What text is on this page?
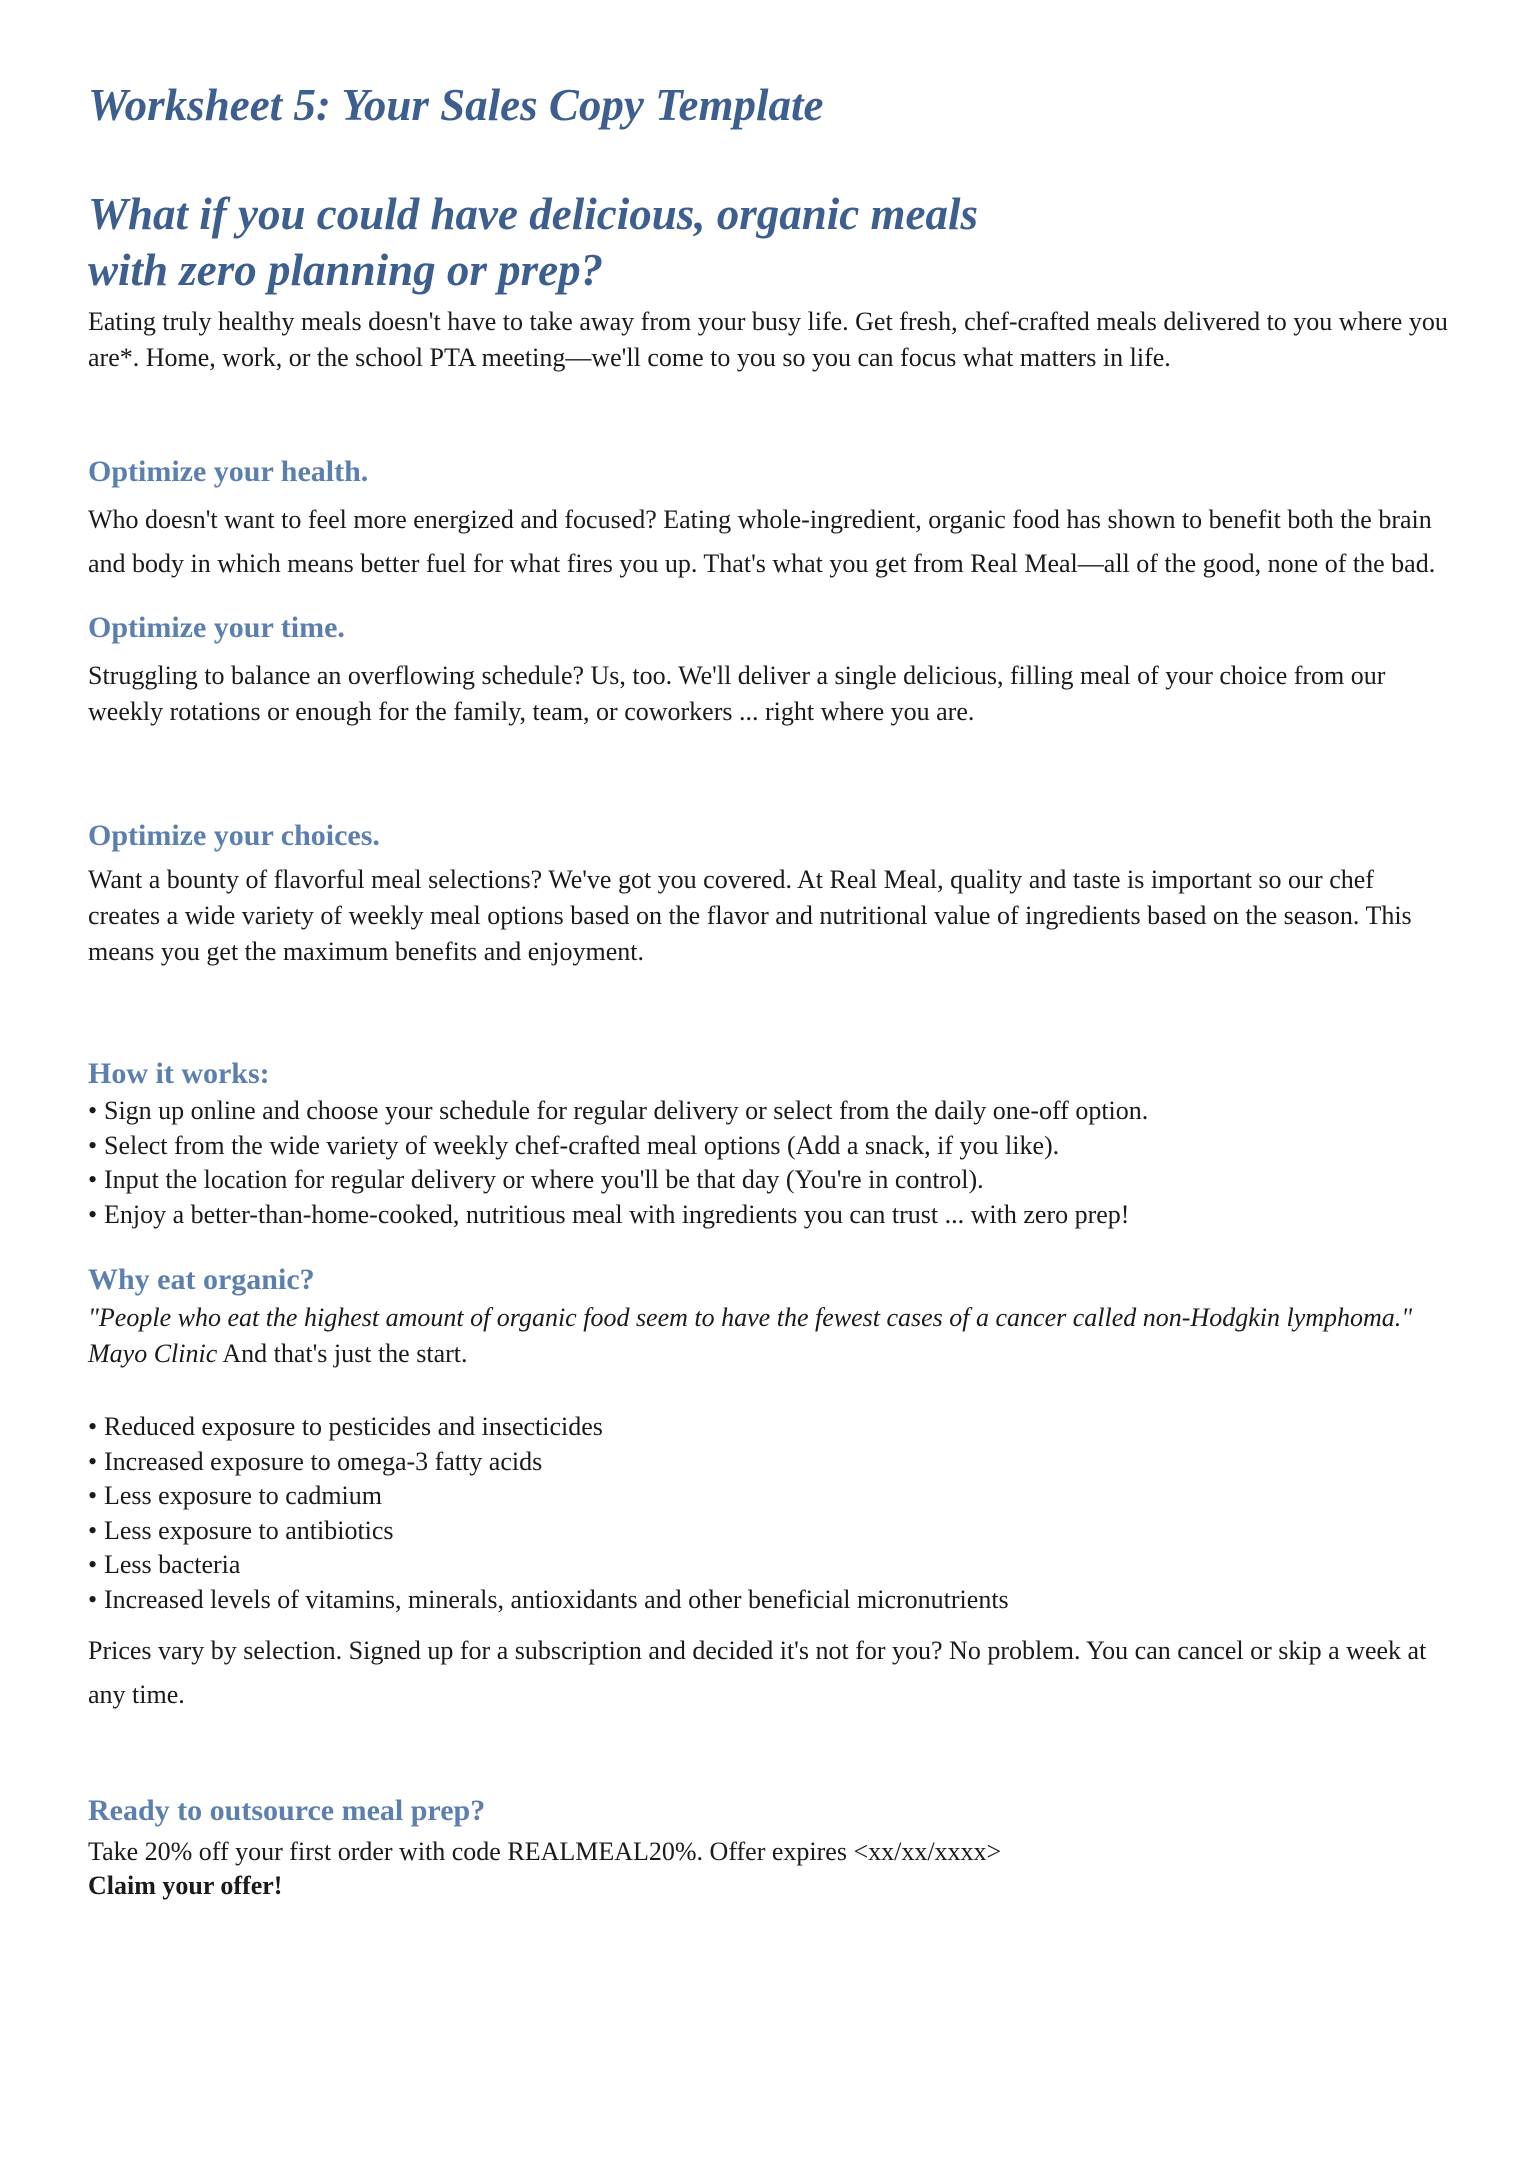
Worksheet 5: Your Sales Copy Template
What if you could have delicious, organic meals
with zero planning or prep?

Eating truly healthy meals doesn't have to take away from your busy life. Get fresh, chef-crafted meals delivered to you where you are*. Home, work, or the school PTA meeting—we'll come to you so you can focus what matters in life.

Optimize your health.

Who doesn't want to feel more energized and focused? Eating whole-ingredient, organic food has shown to benefit both the brain and body in which means better fuel for what fires you up. That's what you get from Real Meal—all of the good, none of the bad.

Optimize your time.

Struggling to balance an overflowing schedule? Us, too. We'll deliver a single delicious, filling meal of your choice from our weekly rotations or enough for the family, team, or coworkers ... right where you are.

Optimize your choices.

Want a bounty of flavorful meal selections? We've got you covered. At Real Meal, quality and taste is important so our chef creates a wide variety of weekly meal options based on the flavor and nutritional value of ingredients based on the season. This means you get the maximum benefits and enjoyment.

How it works:
• Sign up online and choose your schedule for regular delivery or select from the daily one-off option.
• Select from the wide variety of weekly chef-crafted meal options (Add a snack, if you like).
• Input the location for regular delivery or where you'll be that day (You're in control).
• Enjoy a better-than-home-cooked, nutritious meal with ingredients you can trust ... with zero prep!
Why eat organic?

"People who eat the highest amount of organic food seem to have the fewest cases of a cancer called non-Hodgkin lymphoma." Mayo Clinic And that's just the start.

• Reduced exposure to pesticides and insecticides
• Increased exposure to omega-3 fatty acids
• Less exposure to cadmium
• Less exposure to antibiotics
• Less bacteria
• Increased levels of vitamins, minerals, antioxidants and other beneficial micronutrients

Prices vary by selection. Signed up for a subscription and decided it's not for you? No problem. You can cancel or skip a week at any time.

Ready to outsource meal prep?

Take 20% off your first order with code REALMEAL20%. Offer expires <xx/xx/xxxx>

Claim your offer!
